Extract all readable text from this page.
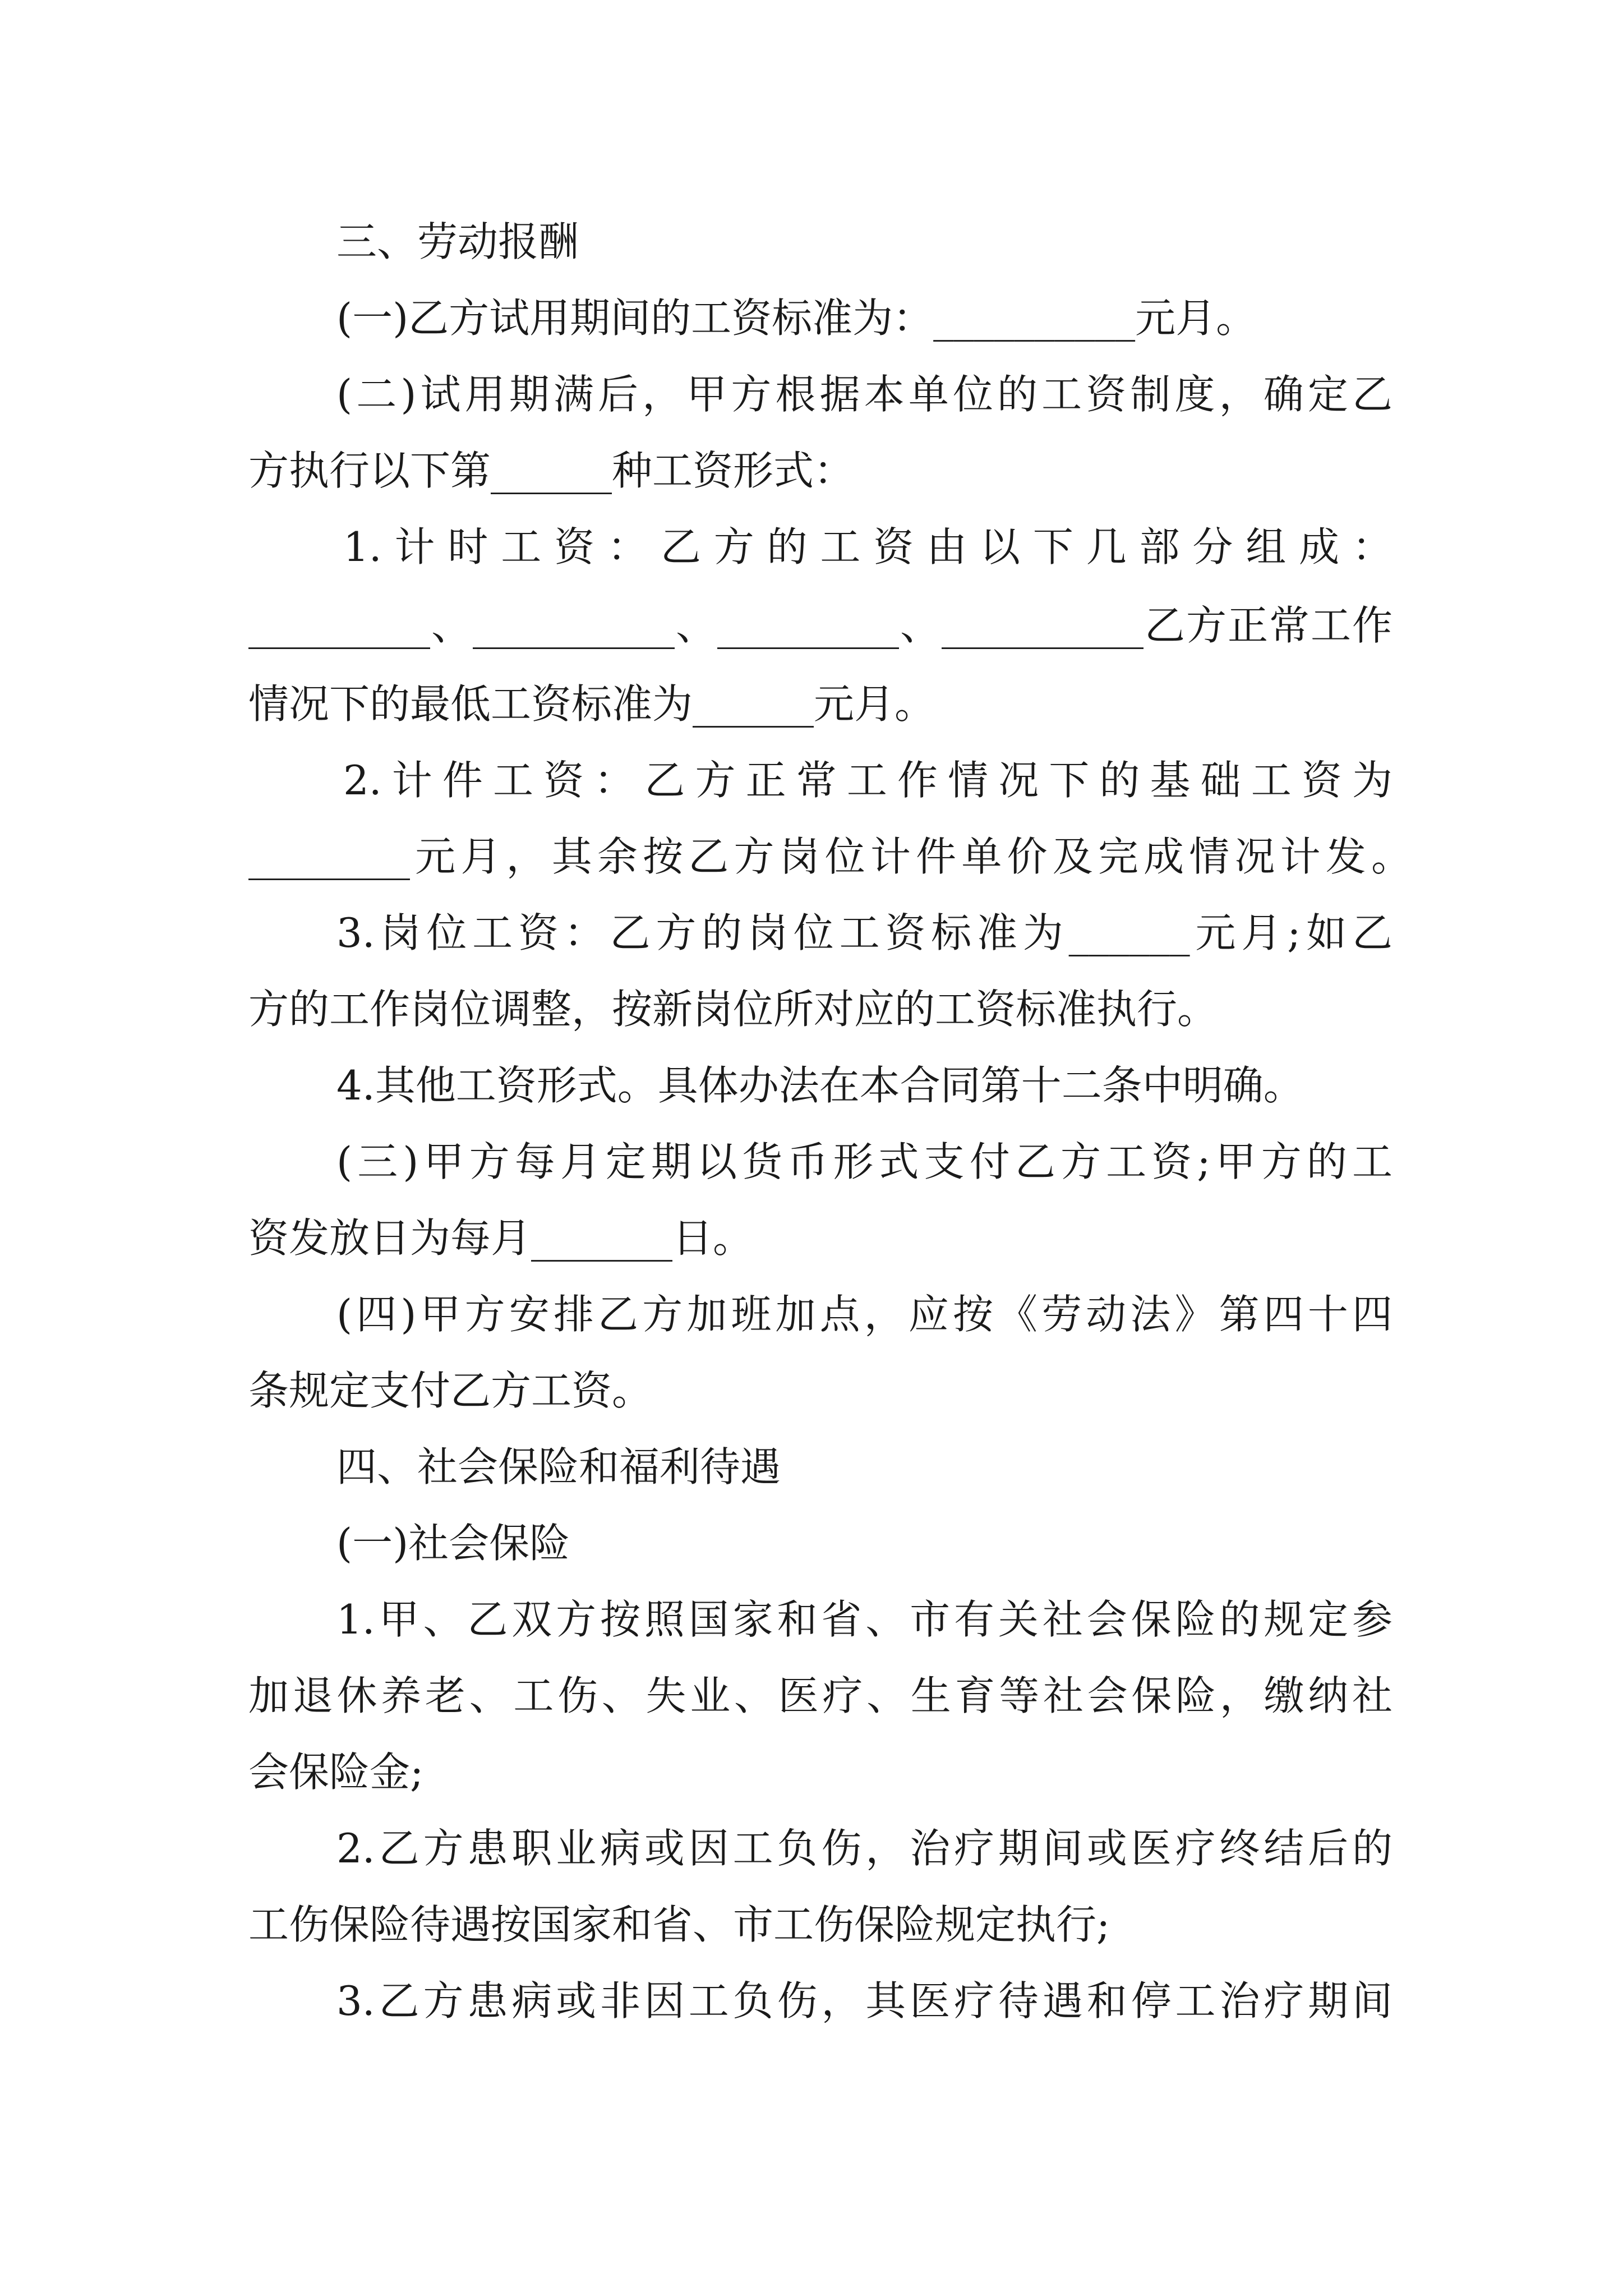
三、劳动报酬
(一)乙方试用期间的工资标准为：__________元月。
(二)试用期满后，甲方根据本单位的工资制度，确定乙
方执行以下第______种工资形式：
1.计时工资：乙方的工资由以下几部分组成：
_________、__________、_________、__________乙方正常工作
情况下的最低工资标准为______元月。
2.计件工资：乙方正常工作情况下的基础工资为
________元月，其余按乙方岗位计件单价及完成情况计发。
3.岗位工资：乙方的岗位工资标准为______元月;如乙
方的工作岗位调整，按新岗位所对应的工资标准执行。
4.其他工资形式。具体办法在本合同第十二条中明确。
(三)甲方每月定期以货币形式支付乙方工资;甲方的工
资发放日为每月_______日。
(四)甲方安排乙方加班加点，应按《劳动法》第四十四
条规定支付乙方工资。
四、社会保险和福利待遇
(一)社会保险
1.甲、乙双方按照国家和省、市有关社会保险的规定参
加退休养老、工伤、失业、医疗、生育等社会保险，缴纳社
会保险金;
2.乙方患职业病或因工负伤，治疗期间或医疗终结后的
工伤保险待遇按国家和省、市工伤保险规定执行;
3.乙方患病或非因工负伤，其医疗待遇和停工治疗期间
